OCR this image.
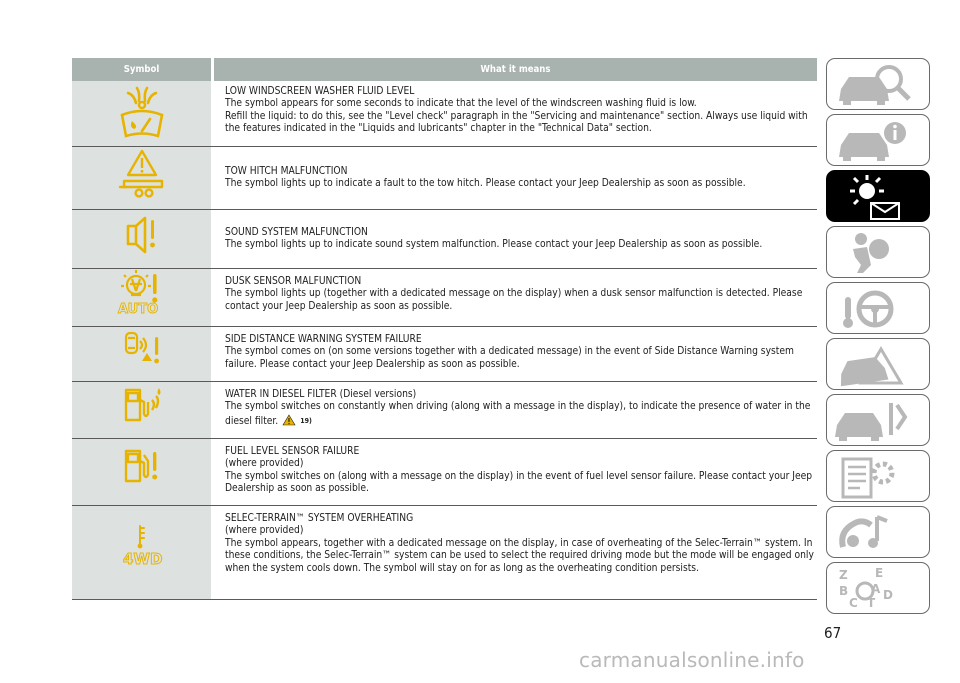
Symbol	What it means
LOW WINDSCREEN WASHER FLUID LEVEL
The symbol appears for some seconds to indicate that the level of the windscreen washing fluid is low.
Refill the liquid: to do this, see the "Level check" paragraph in the "Servicing and maintenance" section. Always use liquid with the features indicated in the "Liquids and lubricants" chapter in the "Technical Data" section.
TOW HITCH MALFUNCTION
The symbol lights up to indicate a fault to the tow hitch. Please contact your Jeep Dealership as soon as possible.
SOUND SYSTEM MALFUNCTION
The symbol lights up to indicate sound system malfunction. Please contact your Jeep Dealership as soon as possible.
AUTO
DUSK SENSOR MALFUNCTION
The symbol lights up (together with a dedicated message on the display) when a dusk sensor malfunction is detected. Please contact your Jeep Dealership as soon as possible.
SIDE DISTANCE WARNING SYSTEM FAILURE
The symbol comes on (on some versions together with a dedicated message) in the event of Side Distance Warning system failure. Please contact your Jeep Dealership as soon as possible.
WATER IN DIESEL FILTER (Diesel versions)
The symbol switches on constantly when driving (along with a message in the display), to indicate the presence of water in the diesel filter.	19)
FUEL LEVEL SENSOR FAILURE
(where provided)
The symbol switches on (along with a message on the display) in the event of fuel level sensor failure. Please contact your Jeep Dealership as soon as possible.
4WD
SELEC-TERRAIN™ SYSTEM OVERHEATING
(where provided)
The symbol appears, together with a dedicated message on the display, in case of overheating of the Selec-Terrain™ system. In these conditions, the Selec-Terrain™ system can be used to select the required driving mode but the mode will be engaged only when the system cools down. The symbol will stay on for as long as the overheating condition persists.	Z E
B A
C T
D
67
carmanualsonline.info
